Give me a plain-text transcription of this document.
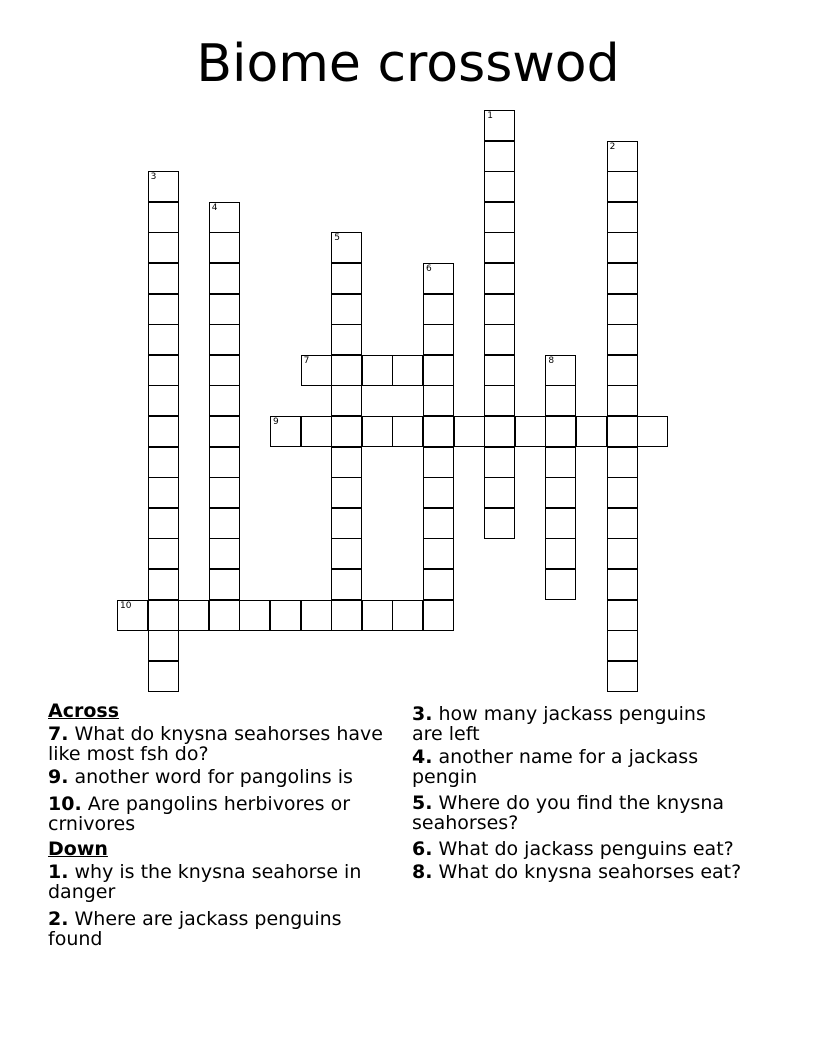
Biome crosswod
1
2
3
4
5
6
7	8
9
10
Across
7. What do knysna seahorses have like most fsh do?
9. another word for pangolins is
10. Are pangolins herbivores or crnivores
Down
1. why is the knysna seahorse in danger
2. Where are jackass penguins found
3. how many jackass penguins are left
4. another name for a jackass pengin
5. Where do you find the knysna seahorses?
6. What do jackass penguins eat?
8. What do knysna seahorses eat?
